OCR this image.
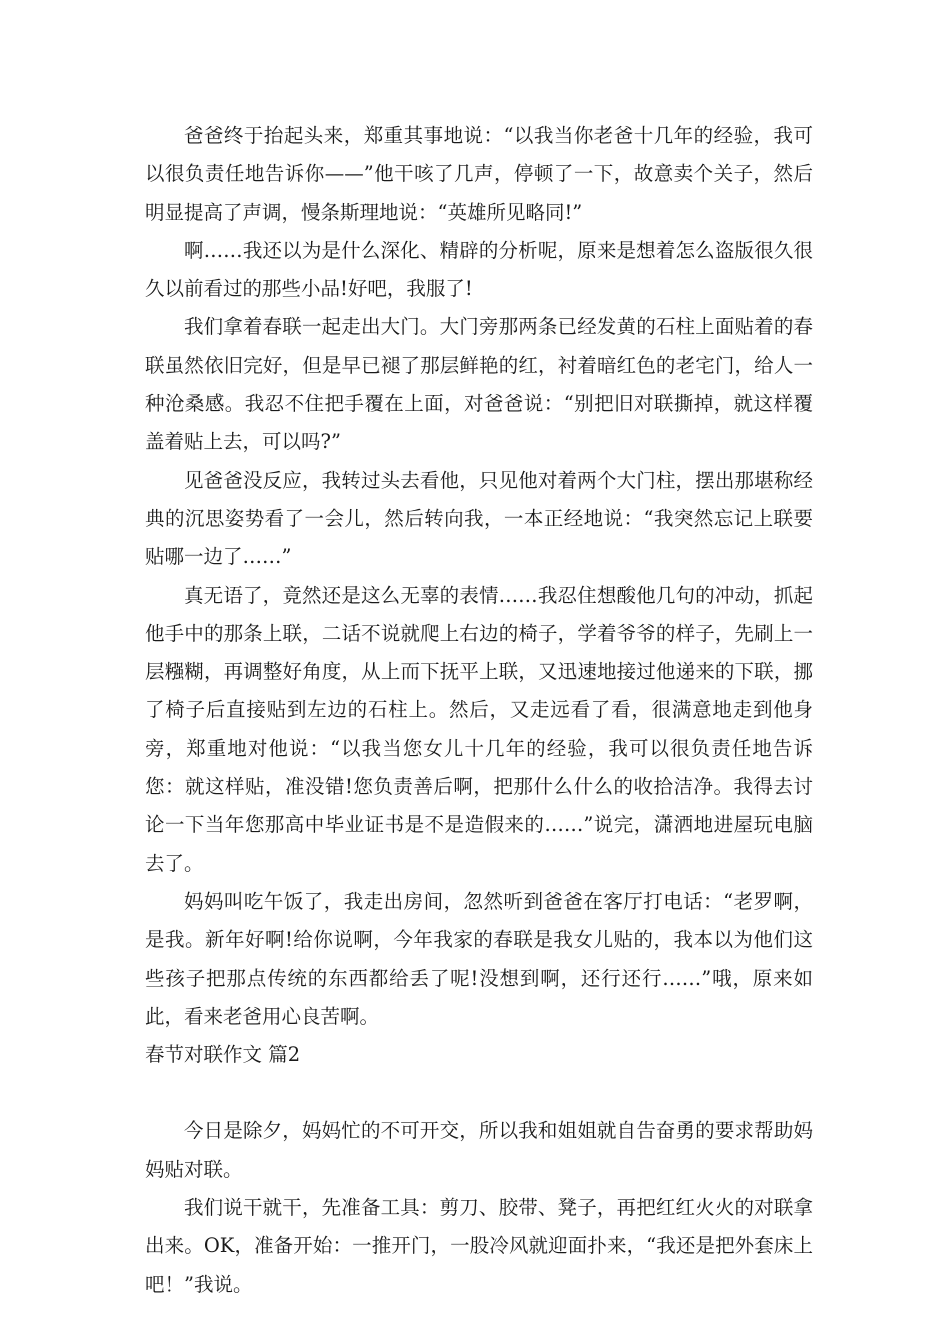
爸爸终于抬起头来，郑重其事地说：“以我当你老爸十几年的经验，我可以很负责任地告诉你——”他干咳了几声，停顿了一下，故意卖个关子，然后明显提高了声调，慢条斯理地说：“英雄所见略同!”

啊……我还以为是什么深化、精辟的分析呢，原来是想着怎么盗版很久很久以前看过的那些小品!好吧，我服了!

我们拿着春联一起走出大门。大门旁那两条已经发黄的石柱上面贴着的春联虽然依旧完好，但是早已褪了那层鲜艳的红，衬着暗红色的老宅门，给人一种沧桑感。我忍不住把手覆在上面，对爸爸说：“别把旧对联撕掉，就这样覆盖着贴上去，可以吗?”

见爸爸没反应，我转过头去看他，只见他对着两个大门柱，摆出那堪称经典的沉思姿势看了一会儿，然后转向我，一本正经地说：“我突然忘记上联要贴哪一边了……”

真无语了，竟然还是这么无辜的表情……我忍住想酸他几句的冲动，抓起他手中的那条上联，二话不说就爬上右边的椅子，学着爷爷的样子，先刷上一层糨糊，再调整好角度，从上而下抚平上联，又迅速地接过他递来的下联，挪了椅子后直接贴到左边的石柱上。然后，又走远看了看，很满意地走到他身旁，郑重地对他说：“以我当您女儿十几年的经验，我可以很负责任地告诉您：就这样贴，准没错!您负责善后啊，把那什么什么的收拾洁净。我得去讨论一下当年您那高中毕业证书是不是造假来的……”说完，潇洒地进屋玩电脑去了。

妈妈叫吃午饭了，我走出房间，忽然听到爸爸在客厅打电话：“老罗啊，是我。新年好啊!给你说啊，今年我家的春联是我女儿贴的，我本以为他们这些孩子把那点传统的东西都给丢了呢!没想到啊，还行还行……”哦，原来如此，看来老爸用心良苦啊。

春节对联作文 篇2

今日是除夕，妈妈忙的不可开交，所以我和姐姐就自告奋勇的要求帮助妈妈贴对联。

我们说干就干，先准备工具：剪刀、胶带、凳子，再把红红火火的对联拿出来。OK，准备开始：一推开门，一股冷风就迎面扑来，“我还是把外套床上吧！”我说。
